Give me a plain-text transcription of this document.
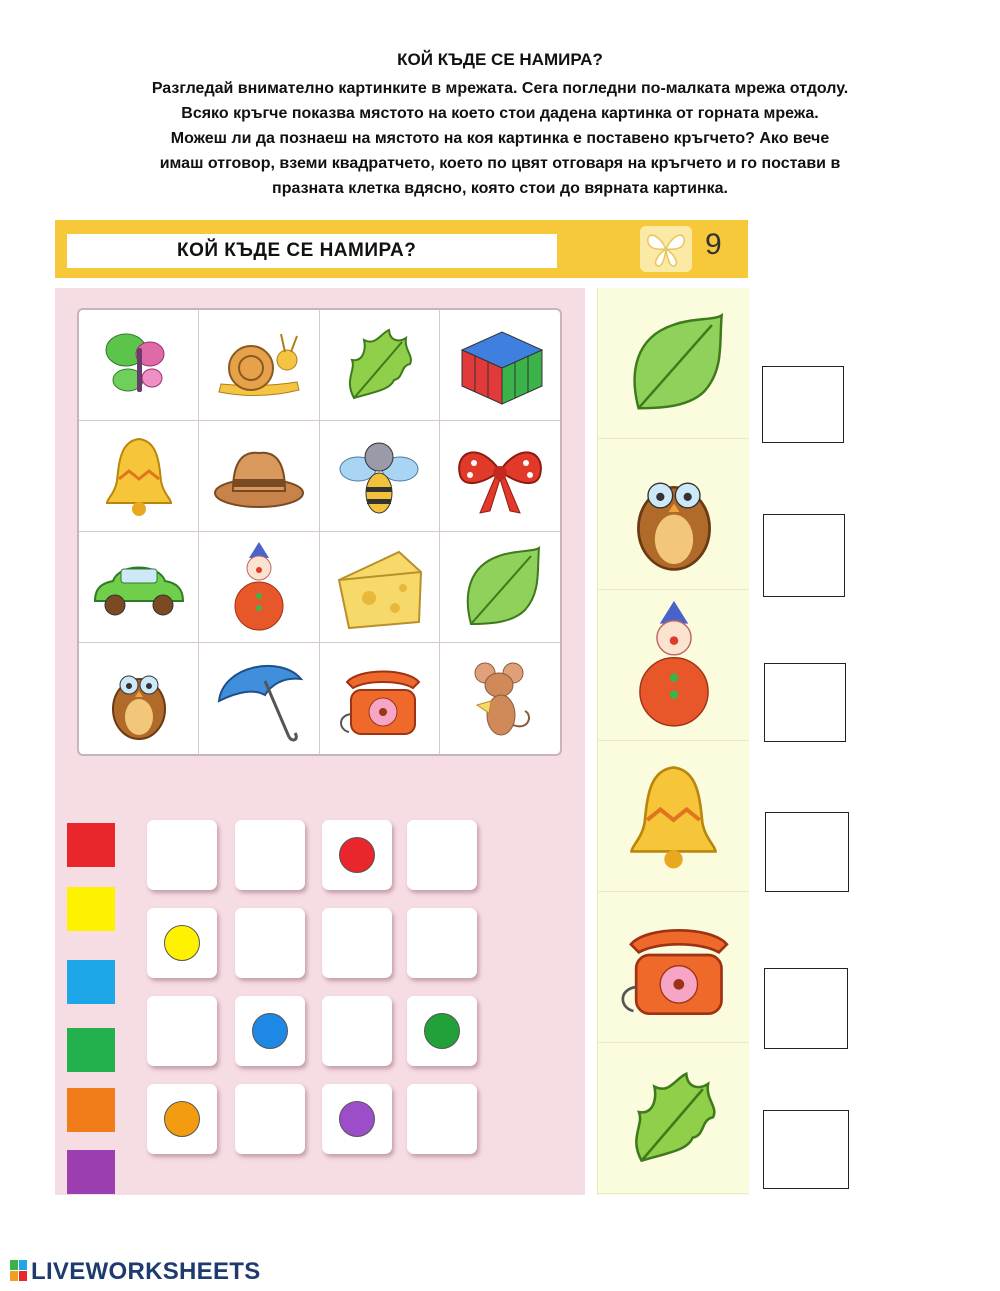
КОЙ КЪДЕ СЕ НАМИРА?
Разгледай внимателно картинките в мрежата. Сега погледни по-малката мрежа отдолу.
Всяко кръгче показва мястото на което стои дадена картинка от горната мрежа.
Можеш ли да познаеш на мястото на коя картинка е поставено кръгчето? Ако вече
имаш отговор, вземи квадратчето, което по цвят отговаря на кръгчето и го постави в
празната клетка вдясно, която стои до вярната картинка.
КОЙ КЪДЕ СЕ НАМИРА?	9
LIVEWORKSHEETS
